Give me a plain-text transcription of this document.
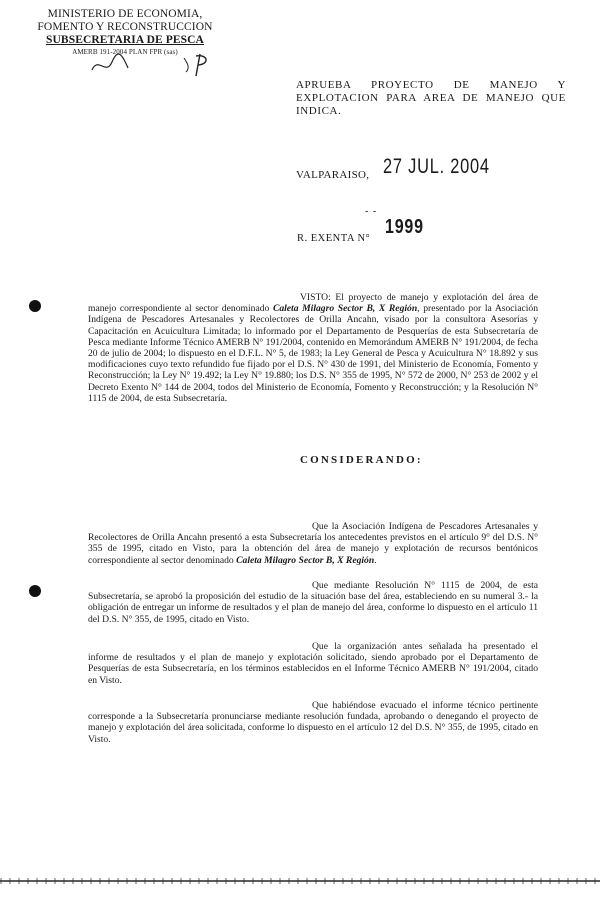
MINISTERIO DE ECONOMIA,
FOMENTO Y RECONSTRUCCION
SUBSECRETARIA DE PESCA
AMERB 191-2004 PLAN FPR (sas)
APRUEBA PROYECTO DE MANEJO Y EXPLOTACION PARA AREA DE MANEJO QUE INDICA.
VALPARAISO, 27 JUL. 2004
- -
R. EXENTA N°
1999
VISTO: El proyecto de manejo y explotación del área de manejo correspondiente al sector denominado Caleta Milagro Sector B, X Región, presentado por la Asociación Indígena de Pescadores Artesanales y Recolectores de Orilla Ancahn, visado por la consultora Asesorías y Capacitación en Acuicultura Limitada; lo informado por el Departamento de Pesquerías de esta Subsecretaría de Pesca mediante Informe Técnico AMERB N° 191/2004, contenido en Memorándum AMERB N° 191/2004, de fecha 20 de julio de 2004; lo dispuesto en el D.F.L. N° 5, de 1983; la Ley General de Pesca y Acuicultura N° 18.892 y sus modificaciones cuyo texto refundido fue fijado por el D.S. N° 430 de 1991, del Ministerio de Economía, Fomento y Reconstrucción; la Ley N° 19.492; la Ley N° 19.880; los D.S. N° 355 de 1995, N° 572 de 2000, N° 253 de 2002 y el Decreto Exento N° 144 de 2004, todos del Ministerio de Economía, Fomento y Reconstrucción; y la Resolución N° 1115 de 2004, de esta Subsecretaría.
CONSIDERANDO:
Que la Asociación Indígena de Pescadores Artesanales y Recolectores de Orilla Ancahn presentó a esta Subsecretaría los antecedentes previstos en el artículo 9° del D.S. N° 355 de 1995, citado en Visto, para la obtención del área de manejo y explotación de recursos bentónicos correspondiente al sector denominado Caleta Milagro Sector B, X Región.
Que mediante Resolución N° 1115 de 2004, de esta Subsecretaría, se aprobó la proposición del estudio de la situación base del área, estableciendo en su numeral 3.- la obligación de entregar un informe de resultados y el plan de manejo del área, conforme lo dispuesto en el artículo 11 del D.S. N° 355, de 1995, citado en Visto.
Que la organización antes señalada ha presentado el informe de resultados y el plan de manejo y explotación solicitado, siendo aprobado por el Departamento de Pesquerías de esta Subsecretaría, en los términos establecidos en el Informe Técnico AMERB N° 191/2004, citado en Visto.
Que habiéndose evacuado el informe técnico pertinente corresponde a la Subsecretaría pronunciarse mediante resolución fundada, aprobando o denegando el proyecto de manejo y explotación del área solicitada, conforme lo dispuesto en el artículo 12 del D.S. N° 355, de 1995, citado en Visto.
